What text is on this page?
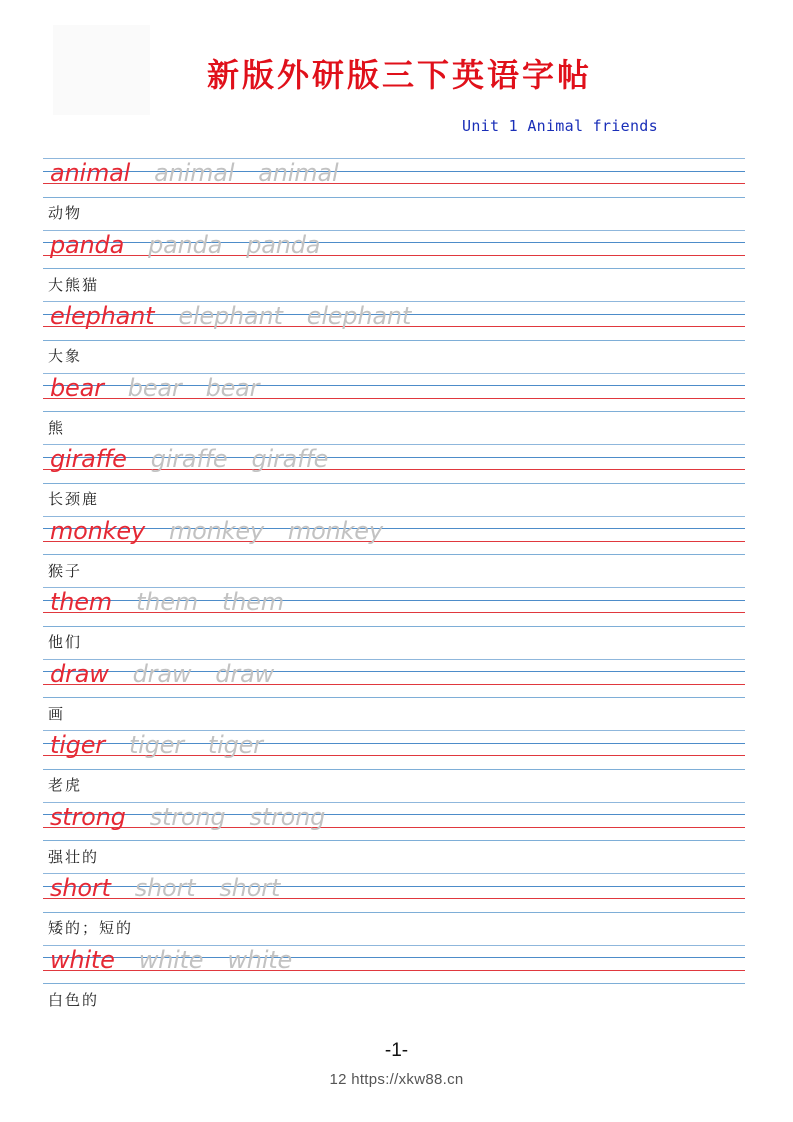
新版外研版三下英语字帖
Unit 1 Animal friends
animal animal animal
动物
panda panda panda
大熊猫
elephant elephant elephant
大象
bear bear bear
熊
giraffe giraffe giraffe
长颈鹿
monkey monkey monkey
猴子
them them them
他们
draw draw draw
画
tiger tiger tiger
老虎
strong strong strong
强壮的
short short short
矮的；短的
white white white
白色的
-1-
12 https://xkw88.cn
